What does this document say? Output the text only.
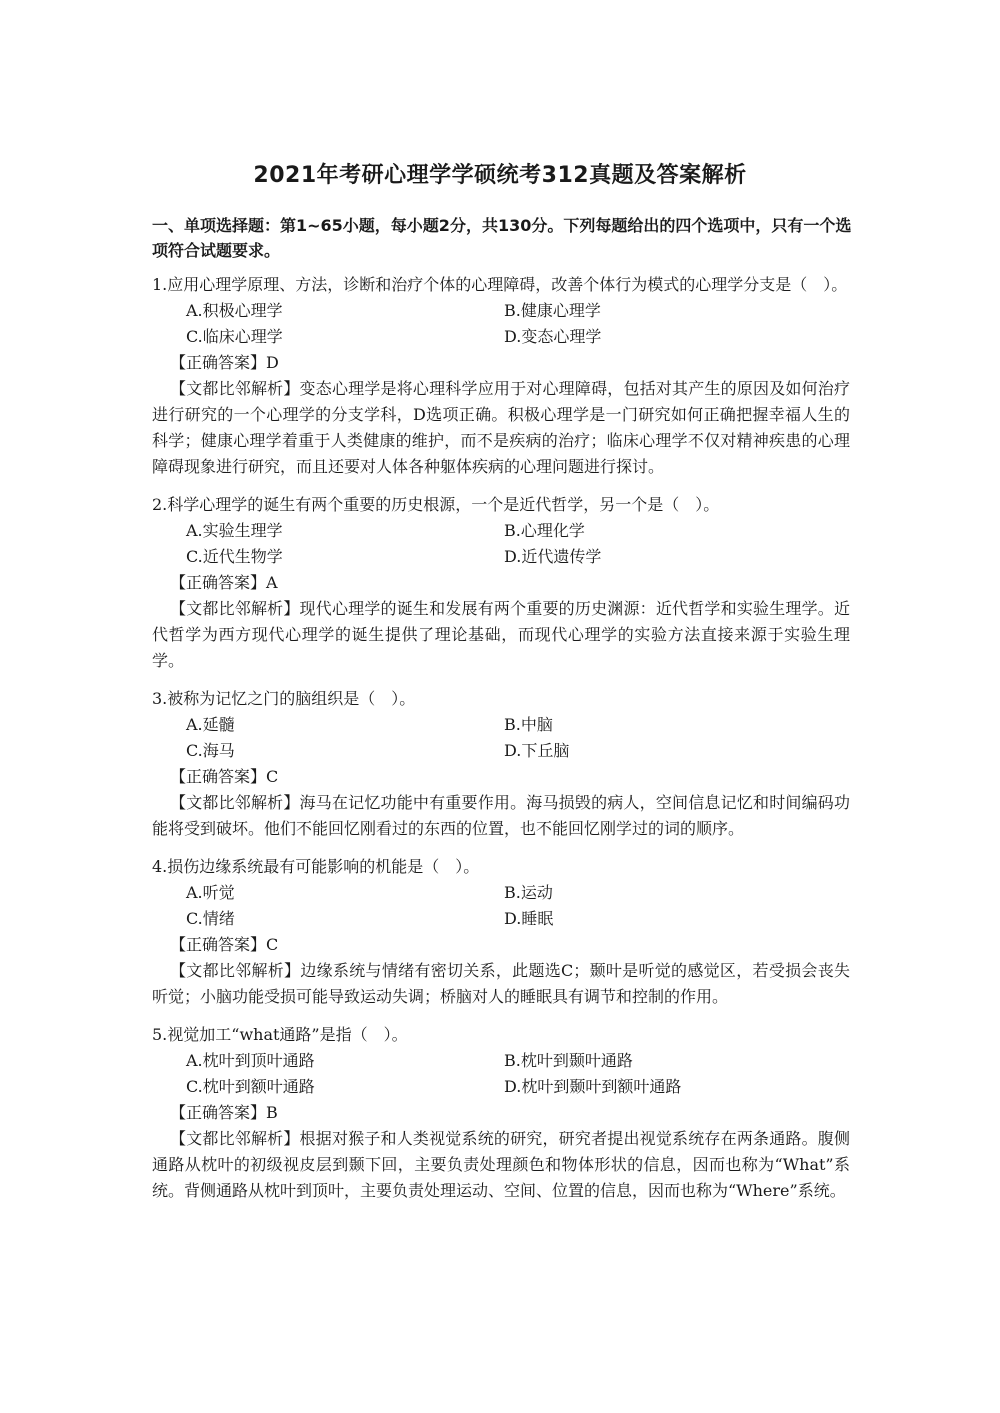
2021年考研心理学学硕统考312真题及答案解析
一、单项选择题：第1~65小题，每小题2分，共130分。下列每题给出的四个选项中，只有一个选项符合试题要求。

1.应用心理学原理、方法，诊断和治疗个体的心理障碍，改善个体行为模式的心理学分支是（　）。

A.积极心理学	B.健康心理学
C.临床心理学	D.变态心理学
【正确答案】D
【文都比邻解析】变态心理学是将心理科学应用于对心理障碍，包括对其产生的原因及如何治疗进行研究的一个心理学的分支学科，D选项正确。积极心理学是一门研究如何正确把握幸福人生的科学；健康心理学着重于人类健康的维护，而不是疾病的治疗；临床心理学不仅对精神疾患的心理障碍现象进行研究，而且还要对人体各种躯体疾病的心理问题进行探讨。

2.科学心理学的诞生有两个重要的历史根源，一个是近代哲学，另一个是（　）。

A.实验生理学	B.心理化学
C.近代生物学	D.近代遗传学
【正确答案】A
【文都比邻解析】现代心理学的诞生和发展有两个重要的历史渊源：近代哲学和实验生理学。近代哲学为西方现代心理学的诞生提供了理论基础，而现代心理学的实验方法直接来源于实验生理学。

3.被称为记忆之门的脑组织是（　）。

A.延髓	B.中脑
C.海马	D.下丘脑
【正确答案】C
【文都比邻解析】海马在记忆功能中有重要作用。海马损毁的病人，空间信息记忆和时间编码功能将受到破坏。他们不能回忆刚看过的东西的位置，也不能回忆刚学过的词的顺序。

4.损伤边缘系统最有可能影响的机能是（　）。

A.听觉	B.运动
C.情绪	D.睡眠
【正确答案】C
【文都比邻解析】边缘系统与情绪有密切关系，此题选C；颞叶是听觉的感觉区，若受损会丧失听觉；小脑功能受损可能导致运动失调；桥脑对人的睡眠具有调节和控制的作用。

5.视觉加工“what通路”是指（　）。

A.枕叶到顶叶通路	B.枕叶到颞叶通路
C.枕叶到额叶通路	D.枕叶到颞叶到额叶通路
【正确答案】B
【文都比邻解析】根据对猴子和人类视觉系统的研究，研究者提出视觉系统存在两条通路。腹侧通路从枕叶的初级视皮层到颞下回，主要负责处理颜色和物体形状的信息，因而也称为“What”系统。背侧通路从枕叶到顶叶，主要负责处理运动、空间、位置的信息，因而也称为“Where”系统。
